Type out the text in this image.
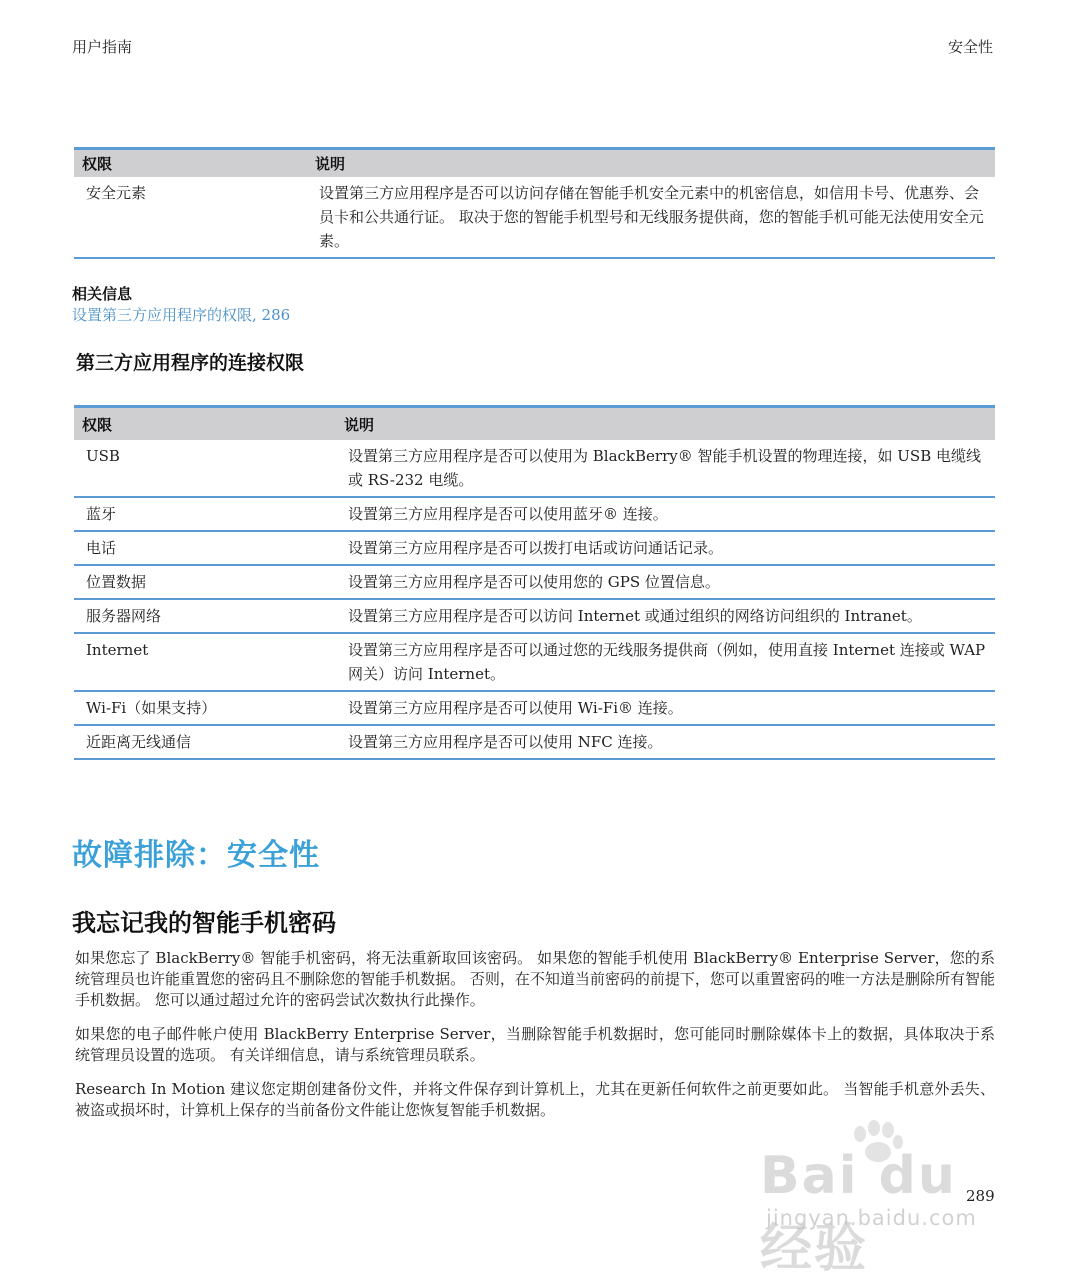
用户指南	安全性
权限	说明
安全元素	设置第三方应用程序是否可以访问存储在智能手机安全元素中的机密信息，如信用卡号、优惠券、会员卡和公共通行证。 取决于您的智能手机型号和无线服务提供商，您的智能手机可能无法使用安全元素。
相关信息
设置第三方应用程序的权限, 286
第三方应用程序的连接权限
权限	说明
USB	设置第三方应用程序是否可以使用为 BlackBerry® 智能手机设置的物理连接，如 USB 电缆线或 RS-232 电缆。
蓝牙	设置第三方应用程序是否可以使用蓝牙® 连接。
电话	设置第三方应用程序是否可以拨打电话或访问通话记录。
位置数据	设置第三方应用程序是否可以使用您的 GPS 位置信息。
服务器网络	设置第三方应用程序是否可以访问 Internet 或通过组织的网络访问组织的 Intranet。
Internet	设置第三方应用程序是否可以通过您的无线服务提供商（例如，使用直接 Internet 连接或 WAP 网关）访问 Internet。
Wi-Fi（如果支持）	设置第三方应用程序是否可以使用 Wi-Fi® 连接。
近距离无线通信	设置第三方应用程序是否可以使用 NFC 连接。
故障排除：安全性
我忘记我的智能手机密码

如果您忘了 BlackBerry® 智能手机密码，将无法重新取回该密码。 如果您的智能手机使用 BlackBerry® Enterprise Server，您的系统管理员也许能重置您的密码且不删除您的智能手机数据。 否则，在不知道当前密码的前提下，您可以重置密码的唯一方法是删除所有智能手机数据。 您可以通过超过允许的密码尝试次数执行此操作。

如果您的电子邮件帐户使用 BlackBerry Enterprise Server，当删除智能手机数据时，您可能同时删除媒体卡上的数据，具体取决于系统管理员设置的选项。 有关详细信息，请与系统管理员联系。

Research In Motion 建议您定期创建备份文件，并将文件保存到计算机上，尤其在更新任何软件之前更要如此。 当智能手机意外丢失、被盗或损坏时，计算机上保存的当前备份文件能让您恢复智能手机数据。

Bai du 经验
jingyan.baidu.com
289
